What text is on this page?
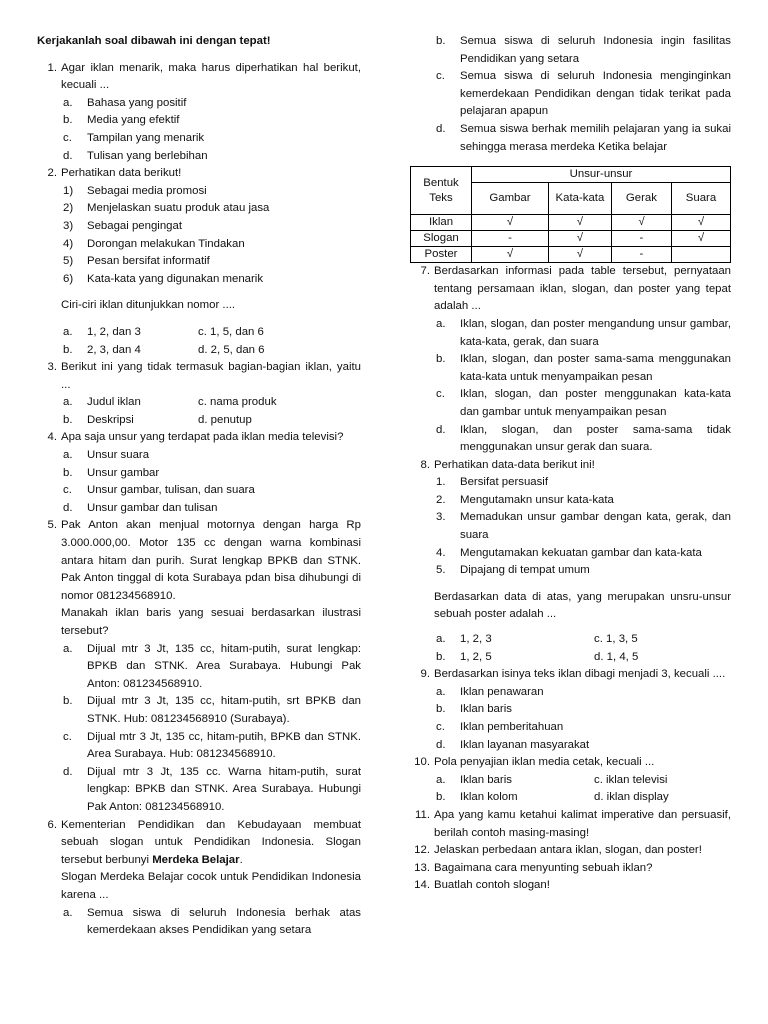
Kerjakanlah soal dibawah ini dengan tepat!
1. Agar iklan menarik, maka harus diperhatikan hal berikut, kecuali ...
a. Bahasa yang positif
b. Media yang efektif
c. Tampilan yang menarik
d. Tulisan yang berlebihan
2. Perhatikan data berikut!
1) Sebagai media promosi
2) Menjelaskan suatu produk atau jasa
3) Sebagai pengingat
4) Dorongan melakukan Tindakan
5) Pesan bersifat informatif
6) Kata-kata yang digunakan menarik
Ciri-ciri iklan ditunjukkan nomor ....
a. 1, 2, dan 3	c. 1, 5, dan 6
b. 2, 3, dan 4	d. 2, 5, dan 6
3. Berikut ini yang tidak termasuk bagian-bagian iklan, yaitu ...
a. Judul iklan	c. nama produk
b. Deskripsi	d. penutup
4. Apa saja unsur yang terdapat pada iklan media televisi?
a. Unsur suara
b. Unsur gambar
c. Unsur gambar, tulisan, dan suara
d. Unsur gambar dan tulisan
5. Pak Anton akan menjual motornya dengan harga Rp 3.000.000,00. Motor 135 cc dengan warna kombinasi antara hitam dan purih. Surat lengkap BPKB dan STNK. Pak Anton tinggal di kota Surabaya pdan bisa dihubungi di nomor 081234568910.
Manakah iklan baris yang sesuai berdasarkan ilustrasi tersebut?
a. Dijual mtr 3 Jt, 135 cc, hitam-putih, surat lengkap: BPKB dan STNK. Area Surabaya. Hubungi Pak Anton: 081234568910.
b. Dijual mtr 3 Jt, 135 cc, hitam-putih, srt BPKB dan STNK. Hub: 081234568910 (Surabaya).
c. Dijual mtr 3 Jt, 135 cc, hitam-putih, BPKB dan STNK. Area Surabaya. Hub: 081234568910.
d. Dijual mtr 3 Jt, 135 cc. Warna hitam-putih, surat lengkap: BPKB dan STNK. Area Surabaya. Hubungi Pak Anton: 081234568910.
6. Kementerian Pendidikan dan Kebudayaan membuat sebuah slogan untuk Pendidikan Indonesia. Slogan tersebut berbunyi Merdeka Belajar.
Slogan Merdeka Belajar cocok untuk Pendidikan Indonesia karena ...
a. Semua siswa di seluruh Indonesia berhak atas kemerdekaan akses Pendidikan yang setara
b. Semua siswa di seluruh Indonesia ingin fasilitas Pendidikan yang setara
c. Semua siswa di seluruh Indonesia menginginkan kemerdekaan Pendidikan dengan tidak terikat pada pelajaran apapun
d. Semua siswa berhak memilih pelajaran yang ia sukai sehingga merasa merdeka Ketika belajar
Bentuk Teks	Unsur-unsur			
	Gambar	Kata-kata	Gerak	Suara
Iklan	√	√	√	√
Slogan	-	√	-	√
Poster	√	√	-	
7. Berdasarkan informasi pada table tersebut, pernyataan tentang persamaan iklan, slogan, dan poster yang tepat adalah ...
a. Iklan, slogan, dan poster mengandung unsur gambar, kata-kata, gerak, dan suara
b. Iklan, slogan, dan poster sama-sama menggunakan kata-kata untuk menyampaikan pesan
c. Iklan, slogan, dan poster menggunakan kata-kata dan gambar untuk menyampaikan pesan
d. Iklan, slogan, dan poster sama-sama tidak menggunakan unsur gerak dan suara.
8. Perhatikan data-data berikut ini!
1. Bersifat persuasif
2. Mengutamakn unsur kata-kata
3. Memadukan unsur gambar dengan kata, gerak, dan suara
4. Mengutamakan kekuatan gambar dan kata-kata
5. Dipajang di tempat umum
Berdasarkan data di atas, yang merupakan unsru-unsur sebuah poster adalah ...
a. 1, 2, 3	c. 1, 3, 5
b. 1, 2, 5	d. 1, 4, 5
9. Berdasarkan isinya teks iklan dibagi menjadi 3, kecuali ....
a. Iklan penawaran
b. Iklan baris
c. Iklan pemberitahuan
d. Iklan layanan masyarakat
10. Pola penyajian iklan media cetak, kecuali ...
a. Iklan baris	c. iklan televisi
b. Iklan kolom	d. iklan display
11. Apa yang kamu ketahui kalimat imperative dan persuasif, berilah contoh masing-masing!
12. Jelaskan perbedaan antara iklan, slogan, dan poster!
13. Bagaimana cara menyunting sebuah iklan?
14. Buatlah contoh slogan!
